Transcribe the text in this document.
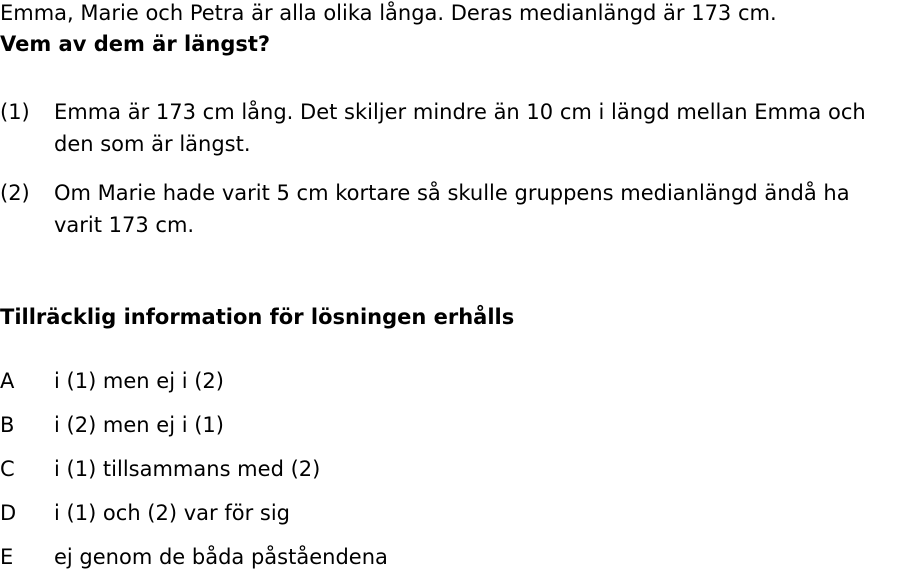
Emma, Marie och Petra är alla olika långa. Deras medianlängd är 173 cm.
Vem av dem är längst?
(1) Emma är 173 cm lång. Det skiljer mindre än 10 cm i längd mellan Emma och den som är längst.
(2) Om Marie hade varit 5 cm kortare så skulle gruppens medianlängd ändå ha varit 173 cm.
Tillräcklig information för lösningen erhålls
A i (1) men ej i (2)
B i (2) men ej i (1)
C i (1) tillsammans med (2)
D i (1) och (2) var för sig
E ej genom de båda påståendena
